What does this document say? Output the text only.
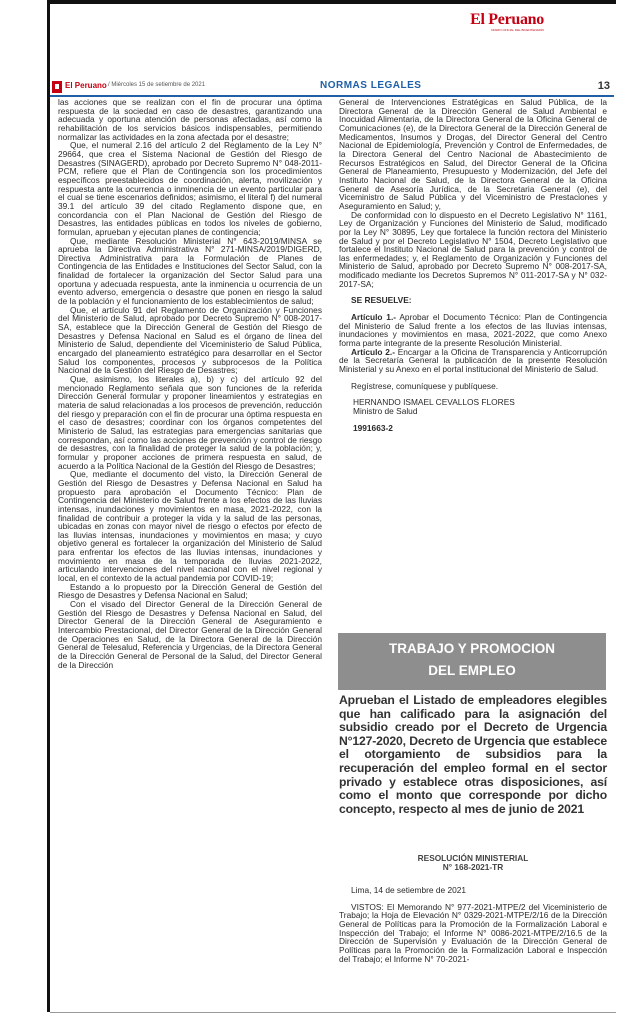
El Peruano
DIARIO OFICIAL DEL BICENTENARIO
El Peruano / Miércoles 15 de setiembre de 2021	NORMAS LEGALES	13

las acciones que se realizan con el fin de procurar una óptima respuesta de la sociedad en caso de desastres, garantizando una adecuada y oportuna atención de personas afectadas, así como la rehabilitación de los servicios básicos indispensables, permitiendo normalizar las actividades en la zona afectada por el desastre;

Que, el numeral 2.16 del artículo 2 del Reglamento de la Ley N° 29664, que crea el Sistema Nacional de Gestión del Riesgo de Desastres (SINAGERD), aprobado por Decreto Supremo N° 048-2011-PCM, refiere que el Plan de Contingencia son los procedimientos específicos preestablecidos de coordinación, alerta, movilización y respuesta ante la ocurrencia o inminencia de un evento particular para el cual se tiene escenarios definidos; asimismo, el literal f) del numeral 39.1 del artículo 39 del citado Reglamento dispone que, en concordancia con el Plan Nacional de Gestión del Riesgo de Desastres, las entidades públicas en todos los niveles de gobierno, formulan, aprueban y ejecutan planes de contingencia;

Que, mediante Resolución Ministerial N° 643-2019/MINSA se aprueba la Directiva Administrativa N° 271-MINSA/2019/DIGERD, Directiva Administrativa para la Formulación de Planes de Contingencia de las Entidades e Instituciones del Sector Salud, con la finalidad de fortalecer la organización del Sector Salud para una oportuna y adecuada respuesta, ante la inminencia u ocurrencia de un evento adverso, emergencia o desastre que ponen en riesgo la salud de la población y el funcionamiento de los establecimientos de salud;

Que, el artículo 91 del Reglamento de Organización y Funciones del Ministerio de Salud, aprobado por Decreto Supremo N° 008-2017-SA, establece que la Dirección General de Gestión del Riesgo de Desastres y Defensa Nacional en Salud es el órgano de línea del Ministerio de Salud, dependiente del Viceministerio de Salud Pública, encargado del planeamiento estratégico para desarrollar en el Sector Salud los componentes, procesos y subprocesos de la Política Nacional de la Gestión del Riesgo de Desastres;

Que, asimismo, los literales a), b) y c) del artículo 92 del mencionado Reglamento señala que son funciones de la referida Dirección General formular y proponer lineamientos y estrategias en materia de salud relacionadas a los procesos de prevención, reducción del riesgo y preparación con el fin de procurar una óptima respuesta en el caso de desastres; coordinar con los órganos competentes del Ministerio de Salud, las estrategias para emergencias sanitarias que correspondan, así como las acciones de prevención y control de riesgo de desastres, con la finalidad de proteger la salud de la población; y, formular y proponer acciones de primera respuesta en salud, de acuerdo a la Política Nacional de la Gestión del Riesgo de Desastres;

Que, mediante el documento del visto, la Dirección General de Gestión del Riesgo de Desastres y Defensa Nacional en Salud ha propuesto para aprobación el Documento Técnico: Plan de Contingencia del Ministerio de Salud frente a los efectos de las lluvias intensas, inundaciones y movimientos en masa, 2021-2022, con la finalidad de contribuir a proteger la vida y la salud de las personas, ubicadas en zonas con mayor nivel de riesgo o efectos por efecto de las lluvias intensas, inundaciones y movimientos en masa; y cuyo objetivo general es fortalecer la organización del Ministerio de Salud para enfrentar los efectos de las lluvias intensas, inundaciones y movimiento en masa de la temporada de lluvias 2021-2022, articulando intervenciones del nivel nacional con el nivel regional y local, en el contexto de la actual pandemia por COVID-19;

Estando a lo propuesto por la Dirección General de Gestión del Riesgo de Desastres y Defensa Nacional en Salud;

Con el visado del Director General de la Dirección General de Gestión del Riesgo de Desastres y Defensa Nacional en Salud, del Director General de la Dirección General de Aseguramiento e Intercambio Prestacional, del Director General de la Dirección General de Operaciones en Salud, de la Directora General de la Dirección General de Telesalud, Referencia y Urgencias, de la Directora General de la Dirección General de Personal de la Salud, del Director General de la Dirección

General de Intervenciones Estratégicas en Salud Pública, de la Directora General de la Dirección General de Salud Ambiental e Inocuidad Alimentaria, de la Directora General de la Oficina General de Comunicaciones (e), de la Directora General de la Dirección General de Medicamentos, Insumos y Drogas, del Director General del Centro Nacional de Epidemiología, Prevención y Control de Enfermedades, de la Directora General del Centro Nacional de Abastecimiento de Recursos Estratégicos en Salud, del Director General de la Oficina General de Planeamiento, Presupuesto y Modernización, del Jefe del Instituto Nacional de Salud, de la Directora General de la Oficina General de Asesoría Jurídica, de la Secretaria General (e), del Viceministro de Salud Pública y del Viceministro de Prestaciones y Aseguramiento en Salud; y,

De conformidad con lo dispuesto en el Decreto Legislativo N° 1161, Ley de Organización y Funciones del Ministerio de Salud, modificado por la Ley N° 30895, Ley que fortalece la función rectora del Ministerio de Salud y por el Decreto Legislativo N° 1504, Decreto Legislativo que fortalece el Instituto Nacional de Salud para la prevención y control de las enfermedades; y, el Reglamento de Organización y Funciones del Ministerio de Salud, aprobado por Decreto Supremo N° 008-2017-SA, modificado mediante los Decretos Supremos N° 011-2017-SA y N° 032-2017-SA;

SE RESUELVE:

Artículo 1.- Aprobar el Documento Técnico: Plan de Contingencia del Ministerio de Salud frente a los efectos de las lluvias intensas, inundaciones y movimientos en masa, 2021-2022, que como Anexo forma parte integrante de la presente Resolución Ministerial.

Artículo 2.- Encargar a la Oficina de Transparencia y Anticorrupción de la Secretaría General la publicación de la presente Resolución Ministerial y su Anexo en el portal institucional del Ministerio de Salud.

Regístrese, comuníquese y publíquese.

HERNANDO ISMAEL CEVALLOS FLORES

Ministro de Salud

1991663-2

TRABAJO Y PROMOCION
DEL EMPLEO
Aprueban el Listado de empleadores elegibles que han calificado para la asignación del subsidio creado por el Decreto de Urgencia N°127-2020, Decreto de Urgencia que establece el otorgamiento de subsidios para la recuperación del empleo formal en el sector privado y establece otras disposiciones, así como el monto que corresponde por dicho concepto, respecto al mes de junio de 2021
RESOLUCIÓN MINISTERIAL
N° 168-2021-TR

Lima, 14 de setiembre de 2021

VISTOS: El Memorando N° 977-2021-MTPE/2 del Viceministerio de Trabajo; la Hoja de Elevación N° 0329-2021-MTPE/2/16 de la Dirección General de Políticas para la Promoción de la Formalización Laboral e Inspección del Trabajo; el Informe N° 0086-2021-MTPE/2/16.5 de la Dirección de Supervisión y Evaluación de la Dirección General de Políticas para la Promoción de la Formalización Laboral e Inspección del Trabajo; el Informe N° 70-2021-
